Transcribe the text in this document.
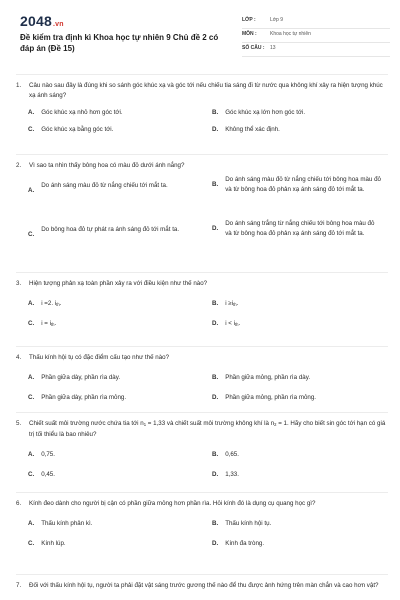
2048.vn
Đề kiểm tra định kì Khoa học tự nhiên 9 Chủ đề 2 có đáp án (Đề 15)
LỚP :	Lớp 9
MÔN :	Khoa học tự nhiên
SỐ CÂU : 13
1. Câu nào sau đây là đúng khi so sánh góc khúc xạ và góc tới nếu chiếu tia sáng đi từ nước qua không khí xảy ra hiện tượng khúc xạ ánh sáng?
A. Góc khúc xạ nhỏ hơn góc tới.	B. Góc khúc xạ lớn hơn góc tới.
C. Góc khúc xạ bằng góc tới.	D. Không thể xác định.
2. Vì sao ta nhìn thấy bông hoa có màu đỏ dưới ánh nắng?
A.
Do ánh sáng màu đỏ từ nắng chiếu tới mắt ta.	B.
Do ánh sáng màu đỏ từ nắng chiếu tới bông hoa màu đỏ và từ bông hoa đỏ phản xạ ánh sáng đỏ tới mắt ta.
C.
Do bông hoa đỏ tự phát ra ánh sáng đỏ tới mắt ta.	D.
Do ánh sáng trắng từ nắng chiếu tới bông hoa màu đỏ và từ bông hoa đỏ phản xạ ánh sáng đỏ tới mắt ta.
3. Hiện tượng phản xạ toàn phần xảy ra với điều kiện như thế nào?
A. i =2. $i_{th}$.	B. $i \ge i_{th}$.
C. $i = i_{th}$.	D. $i < i_{th}$.
4. Thấu kính hội tụ có đặc điểm cấu tạo như thế nào?
A. Phần giữa dày, phần rìa dày.	B. Phần giữa mỏng, phần rìa dày.
C. Phần giữa dày, phần rìa mỏng.	D. Phần giữa mỏng, phần rìa mỏng.
5. Chiết suất môi trường nước chứa tia tới $n_1 = 1,33$ và chiết suất môi trường không khí là $n_2 = 1$. Hãy cho biết sin góc tới hạn có giá trị tối thiểu là bao nhiêu?
A. 0,75.	B. 0,65.
C. 0,45.	D. 1,33.
6. Kính đeo dành cho người bị cận có phần giữa mỏng hơn phần rìa. Hỏi kính đó là dụng cụ quang học gì?
A. Thấu kính phân kì.	B. Thấu kính hội tụ.
C. Kính lúp.	D. Kính đa tròng.
7. Đối với thấu kính hội tụ, người ta phải đặt vật sáng trước gương thế nào để thu được ảnh hứng trên màn chắn và cao hơn vật?
